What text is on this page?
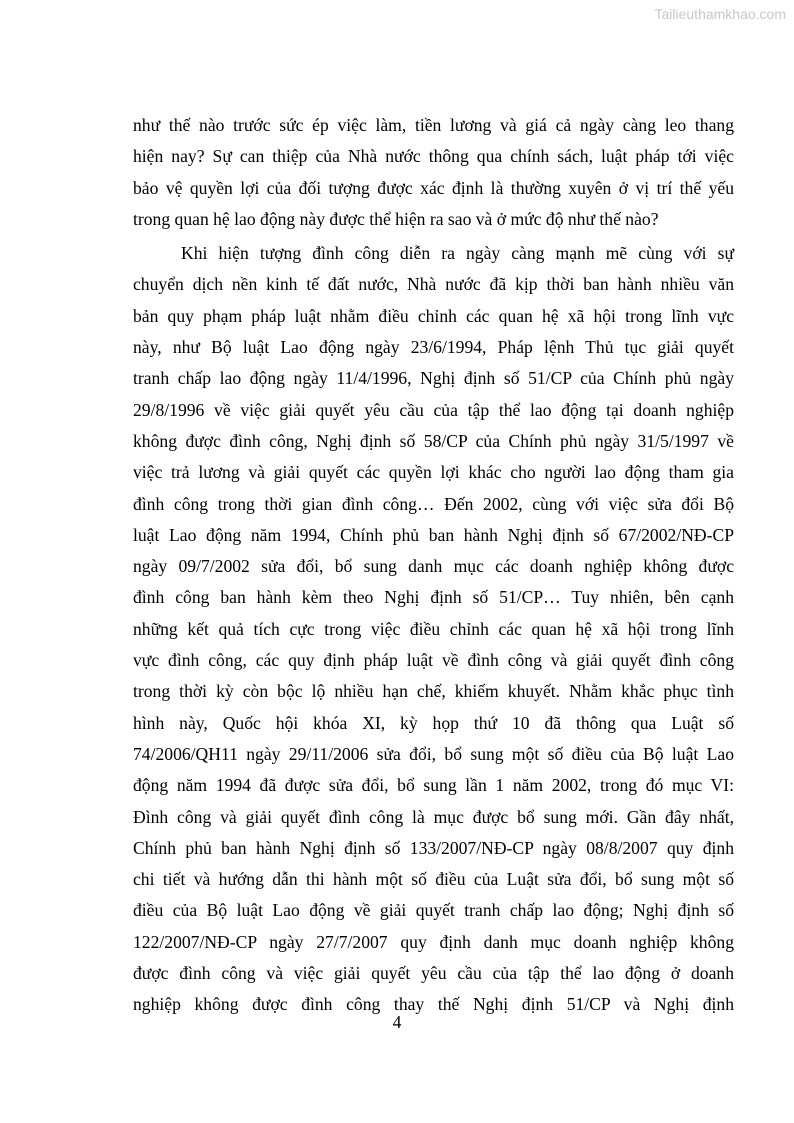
Tailieuthamkhao.com
như thế nào trước sức ép việc làm, tiền lương và giá cả ngày càng leo thang
hiện nay? Sự can thiệp của Nhà nước thông qua chính sách, luật pháp tới việc
bảo vệ quyền lợi của đối tượng được xác định là thường xuyên ở vị trí thế yếu
trong quan hệ lao động này được thể hiện ra sao và ở mức độ như thế nào?
Khi hiện tượng đình công diễn ra ngày càng mạnh mẽ cùng với sự
chuyển dịch nền kinh tế đất nước, Nhà nước đã kịp thời ban hành nhiều văn
bản quy phạm pháp luật nhằm điều chỉnh các quan hệ xã hội trong lĩnh vực
này, như Bộ luật Lao động ngày 23/6/1994, Pháp lệnh Thủ tục giải quyết
tranh chấp lao động ngày 11/4/1996, Nghị định số 51/CP của Chính phủ ngày
29/8/1996 về việc giải quyết yêu cầu của tập thể lao động tại doanh nghiệp
không được đình công, Nghị định số 58/CP của Chính phủ ngày 31/5/1997 về
việc trả lương và giải quyết các quyền lợi khác cho người lao động tham gia
đình công trong thời gian đình công… Đến 2002, cùng với việc sửa đổi Bộ
luật Lao động năm 1994, Chính phủ ban hành Nghị định số 67/2002/NĐ-CP
ngày 09/7/2002 sửa đổi, bổ sung danh mục các doanh nghiệp không được
đình công ban hành kèm theo Nghị định số 51/CP… Tuy nhiên, bên cạnh
những kết quả tích cực trong việc điều chỉnh các quan hệ xã hội trong lĩnh
vực đình công, các quy định pháp luật về đình công và giải quyết đình công
trong thời kỳ còn bộc lộ nhiều hạn chế, khiếm khuyết. Nhằm khắc phục tình
hình này, Quốc hội khóa XI, kỳ họp thứ 10 đã thông qua Luật số
74/2006/QH11 ngày 29/11/2006 sửa đổi, bổ sung một số điều của Bộ luật Lao
động năm 1994 đã được sửa đổi, bổ sung lần 1 năm 2002, trong đó mục VI:
Đình công và giải quyết đình công là mục được bổ sung mới. Gần đây nhất,
Chính phủ ban hành Nghị định số 133/2007/NĐ-CP ngày 08/8/2007 quy định
chi tiết và hướng dẫn thi hành một số điều của Luật sửa đổi, bổ sung một số
điều của Bộ luật Lao động về giải quyết tranh chấp lao động; Nghị định số
122/2007/NĐ-CP ngày 27/7/2007 quy định danh mục doanh nghiệp không
được đình công và việc giải quyết yêu cầu của tập thể lao động ở doanh
nghiệp không được đình công thay thế Nghị định 51/CP và Nghị định
4
